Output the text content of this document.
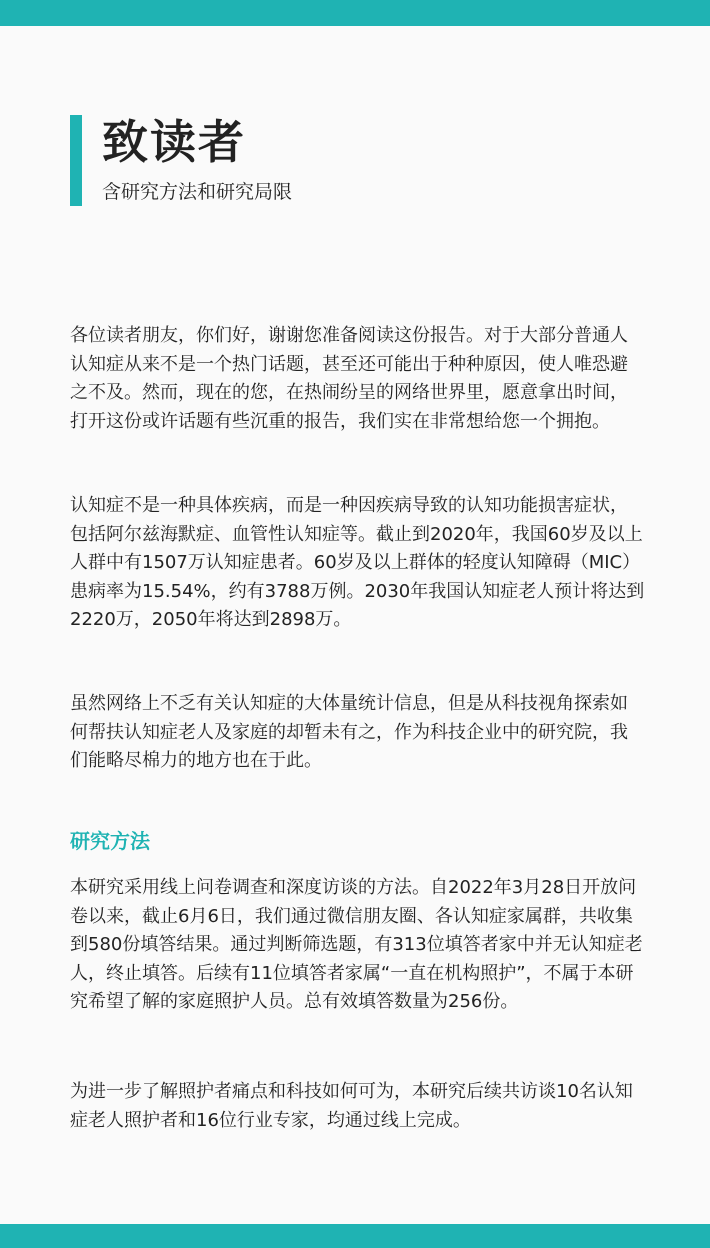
致读者

含研究方法和研究局限

各位读者朋友，你们好，谢谢您准备阅读这份报告。对于大部分普通人认知症从来不是一个热门话题，甚至还可能出于种种原因，使人唯恐避之不及。然而，现在的您，在热闹纷呈的网络世界里，愿意拿出时间，打开这份或许话题有些沉重的报告，我们实在非常想给您一个拥抱。

认知症不是一种具体疾病，而是一种因疾病导致的认知功能损害症状，包括阿尔兹海默症、血管性认知症等。截止到2020年，我国60岁及以上人群中有1507万认知症患者。60岁及以上群体的轻度认知障碍（MIC）患病率为15.54%，约有3788万例。2030年我国认知症老人预计将达到2220万，2050年将达到2898万。

虽然网络上不乏有关认知症的大体量统计信息，但是从科技视角探索如何帮扶认知症老人及家庭的却暂未有之，作为科技企业中的研究院，我们能略尽棉力的地方也在于此。

研究方法

本研究采用线上问卷调查和深度访谈的方法。自2022年3月28日开放问卷以来，截止6月6日，我们通过微信朋友圈、各认知症家属群，共收集到580份填答结果。通过判断筛选题，有313位填答者家中并无认知症老人，终止填答。后续有11位填答者家属“一直在机构照护”，不属于本研究希望了解的家庭照护人员。总有效填答数量为256份。

为进一步了解照护者痛点和科技如何可为，本研究后续共访谈10名认知症老人照护者和16位行业专家，均通过线上完成。
